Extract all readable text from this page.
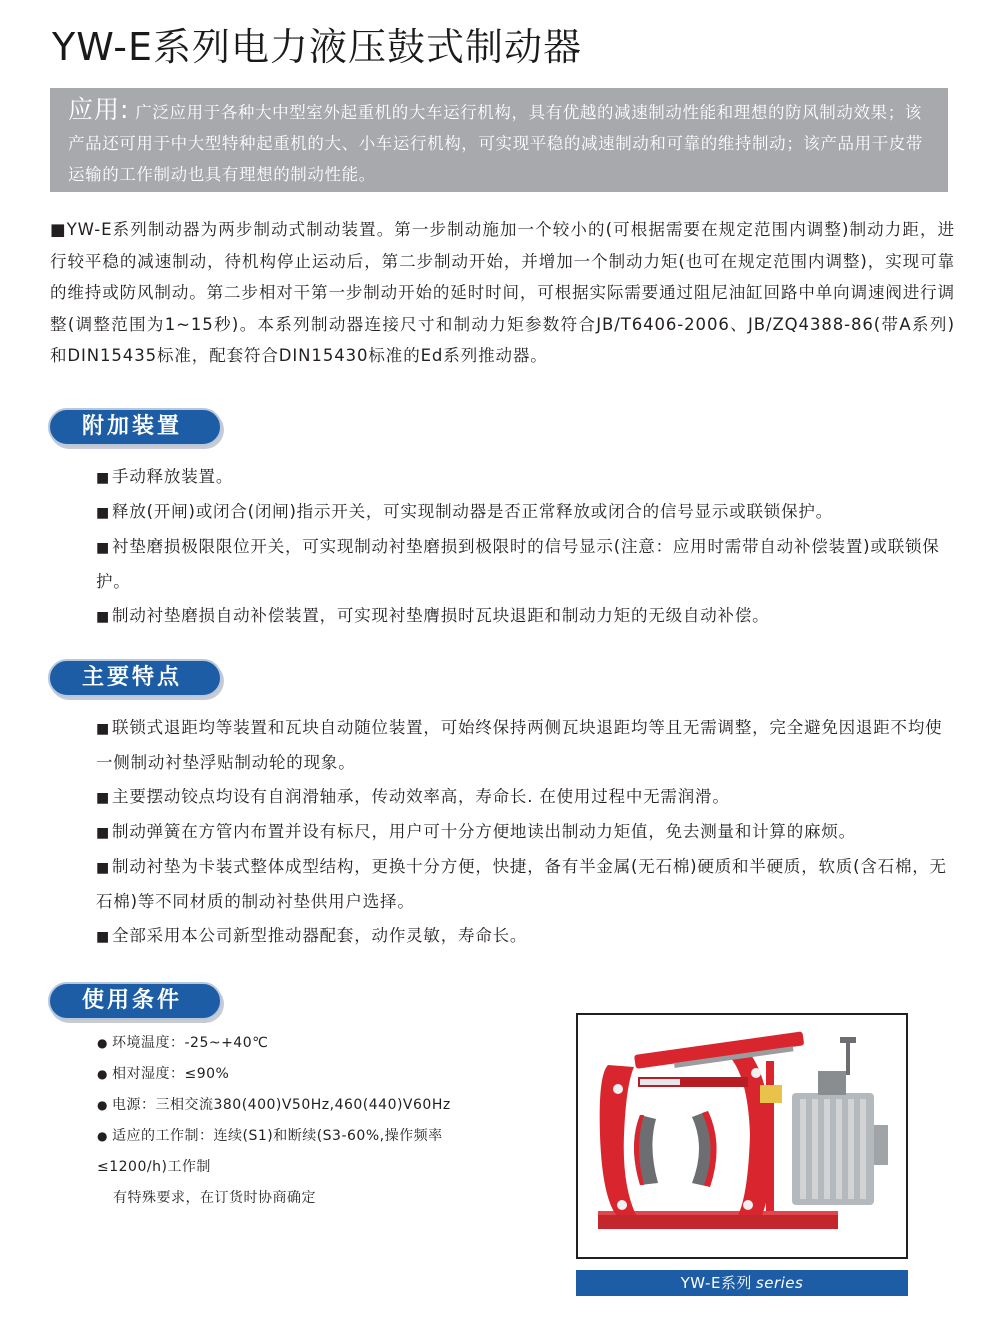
YW-E系列电力液压鼓式制动器
应用: 广泛应用于各种大中型室外起重机的大车运行机构，具有优越的减速制动性能和理想的防风制动效果；该产品还可用于中大型特种起重机的大、小车运行机构，可实现平稳的减速制动和可靠的维持制动；该产品用干皮带运输的工作制动也具有理想的制动性能。
■YW-E系列制动器为两步制动式制动装置。第一步制动施加一个较小的(可根据需要在规定范围内调整)制动力距，进行较平稳的减速制动，待机构停止运动后，第二步制动开始，并增加一个制动力矩(也可在规定范围内调整)，实现可靠的维持或防风制动。第二步相对干第一步制动开始的延时时间，可根据实际需要通过阻尼油缸回路中单向调速阀进行调整(调整范围为1~15秒)。本系列制动器连接尺寸和制动力矩参数符合JB/T6406-2006、JB/ZQ4388-86(带A系列)和DIN15435标准，配套符合DIN15430标准的Ed系列推动器。
附加装置
■ 手动释放装置。
■ 释放(开闸)或闭合(闭闸)指示开关，可实现制动器是否正常释放或闭合的信号显示或联锁保护。
■ 衬垫磨损极限限位开关，可实现制动衬垫磨损到极限时的信号显示(注意：应用时需带自动补偿装置)或联锁保护。
■ 制动衬垫磨损自动补偿装置，可实现衬垫膺损时瓦块退距和制动力矩的无级自动补偿。
主要特点
■ 联锁式退距均等装置和瓦块自动随位装置，可始终保持两侧瓦块退距均等且无需调整，完全避免因退距不均使一侧制动衬垫浮贴制动轮的现象。
■ 主要摆动铰点均设有自润滑轴承，传动效率高，寿命长. 在使用过程中无需润滑。
■ 制动弹簧在方管内布置并设有标尺，用户可十分方便地读出制动力矩值，免去测量和计算的麻烦。
■ 制动衬垫为卡装式整体成型结构，更换十分方便，快捷，备有半金属(无石棉)硬质和半硬质，软质(含石棉，无石棉)等不同材质的制动衬垫供用户选择。
■ 全部采用本公司新型推动器配套，动作灵敏，寿命长。
使用条件
● 环境温度：-25~+40℃
● 相对湿度：≤90%
● 电源：三相交流380(400)V50Hz,460(440)V60Hz
● 适应的工作制：连续(S1)和断续(S3-60%,操作频率
≤1200/h)工作制
有特殊要求，在订货时协商确定
YW-E系列 series
